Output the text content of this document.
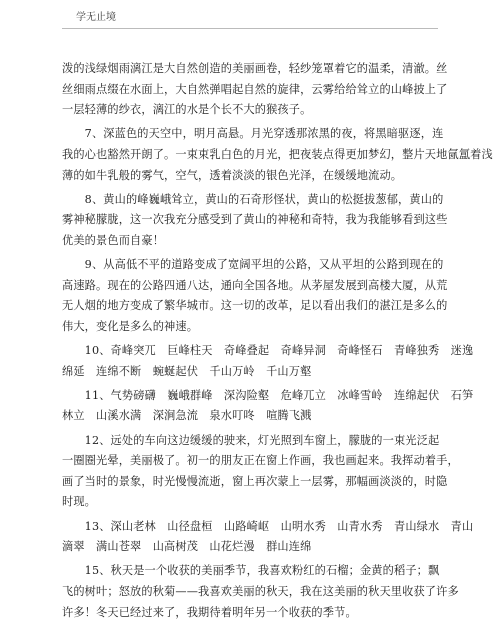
学无止境
泼的浅绿烟雨漓江是大自然创造的美丽画卷，轻纱笼罩着它的温柔，清澈。丝
丝细雨点缀在水面上，大自然弹唱起自然的旋律，云雾给给耸立的山峰披上了
一层轻薄的纱衣，漓江的水是个长不大的猴孩子。
　　7、深蓝色的天空中，明月高悬。月光穿透那浓黑的夜，将黑暗驱逐，连
我的心也豁然开朗了。一束束乳白色的月光，把夜装点得更加梦幻，整片天地氤氲着浅
薄的如牛乳般的雾气，空气，透着淡淡的银色光泽，在缓缓地流动。
　　8、黄山的峰巍峨耸立，黄山的石奇形怪状，黄山的松挺拔葱郁，黄山的
雾神秘朦胧，这一次我充分感受到了黄山的神秘和奇特，我为我能够看到这些
优美的景色而自豪！
　　9、从高低不平的道路变成了宽阔平坦的公路，又从平坦的公路到现在的
高速路。现在的公路四通八达，通向全国各地。从茅屋发展到高楼大厦，从荒
无人烟的地方变成了繁华城市。这一切的改革，足以看出我们的湛江是多么的
伟大，变化是多么的神速。
　　10、奇峰突兀　巨峰柱天　奇峰叠起　奇峰异洞　奇峰怪石　青峰独秀　迷逸
绵延　连绵不断　蜿蜒起伏　千山万岭　千山万壑
　　11、气势磅礴　巍峨群峰　深沟险壑　危峰兀立　冰峰雪岭　连绵起伏　石笋
林立　山溪水满　深涧急流　泉水叮咚　喧腾飞溅
　　12、远处的车向这边缓缓的驶来，灯光照到车窗上，朦胧的一束光泛起
一圈圈光晕，美丽极了。初一的朋友正在窗上作画，我也画起来。我挥动着手，
画了当时的景象，时光慢慢流逝，窗上再次蒙上一层雾，那幅画淡淡的，时隐
时现。
　　13、深山老林　山径盘桓　山路崎岖　山明水秀　山青水秀　青山绿水　青山
滴翠　满山苍翠　山高树茂　山花烂漫　群山连绵
　　15、秋天是一个收获的美丽季节，我喜欢粉红的石榴；金黄的稻子；飘
飞的树叶；怒放的秋菊——我喜欢美丽的秋天，我在这美丽的秋天里收获了许多
许多！冬天已经过来了，我期待着明年另一个收获的季节。
